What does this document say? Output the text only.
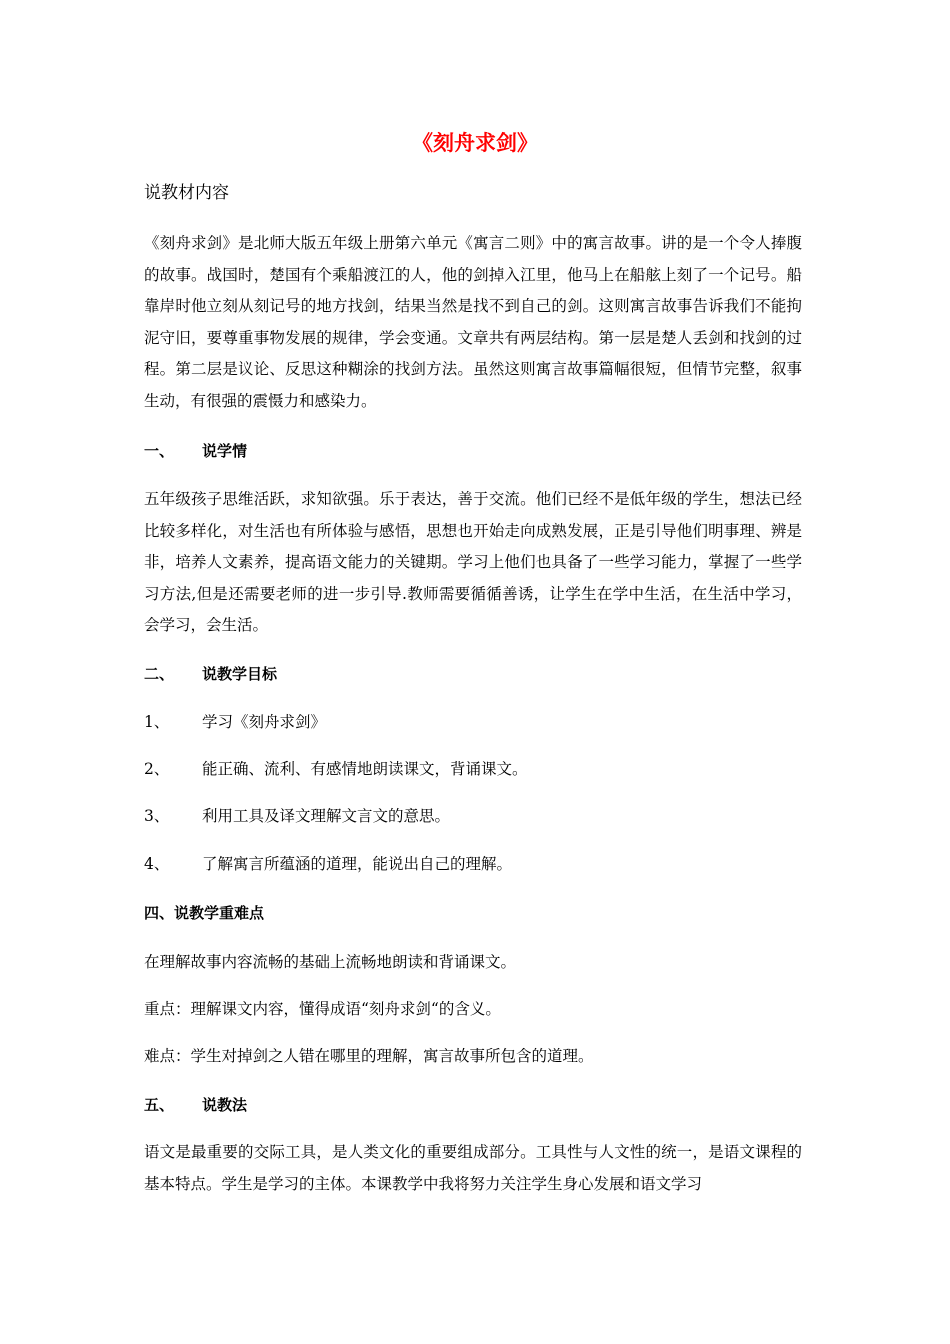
《刻舟求剑》
说教材内容
《刻舟求剑》是北师大版五年级上册第六单元《寓言二则》中的寓言故事。讲的是一个令人捧腹的故事。战国时，楚国有个乘船渡江的人，他的剑掉入江里，他马上在船舷上刻了一个记号。船靠岸时他立刻从刻记号的地方找剑，结果当然是找不到自己的剑。这则寓言故事告诉我们不能拘泥守旧，要尊重事物发展的规律，学会变通。文章共有两层结构。第一层是楚人丢剑和找剑的过程。第二层是议论、反思这种糊涂的找剑方法。虽然这则寓言故事篇幅很短，但情节完整，叙事生动，有很强的震慑力和感染力。
一、 说学情
五年级孩子思维活跃，求知欲强。乐于表达，善于交流。他们已经不是低年级的学生，想法已经比较多样化，对生活也有所体验与感悟，思想也开始走向成熟发展，正是引导他们明事理、辨是非，培养人文素养，提高语文能力的关键期。学习上他们也具备了一些学习能力，掌握了一些学习方法,但是还需要老师的进一步引导.教师需要循循善诱，让学生在学中生活，在生活中学习，会学习，会生活。
二、 说教学目标
1、 学习《刻舟求剑》
2、 能正确、流利、有感情地朗读课文，背诵课文。
3、 利用工具及译文理解文言文的意思。
4、 了解寓言所蕴涵的道理，能说出自己的理解。
四、说教学重难点
在理解故事内容流畅的基础上流畅地朗读和背诵课文。
重点：理解课文内容，懂得成语“刻舟求剑“的含义。
难点：学生对掉剑之人错在哪里的理解，寓言故事所包含的道理。
五、 说教法
语文是最重要的交际工具，是人类文化的重要组成部分。工具性与人文性的统一，是语文课程的基本特点。学生是学习的主体。本课教学中我将努力关注学生身心发展和语文学习
